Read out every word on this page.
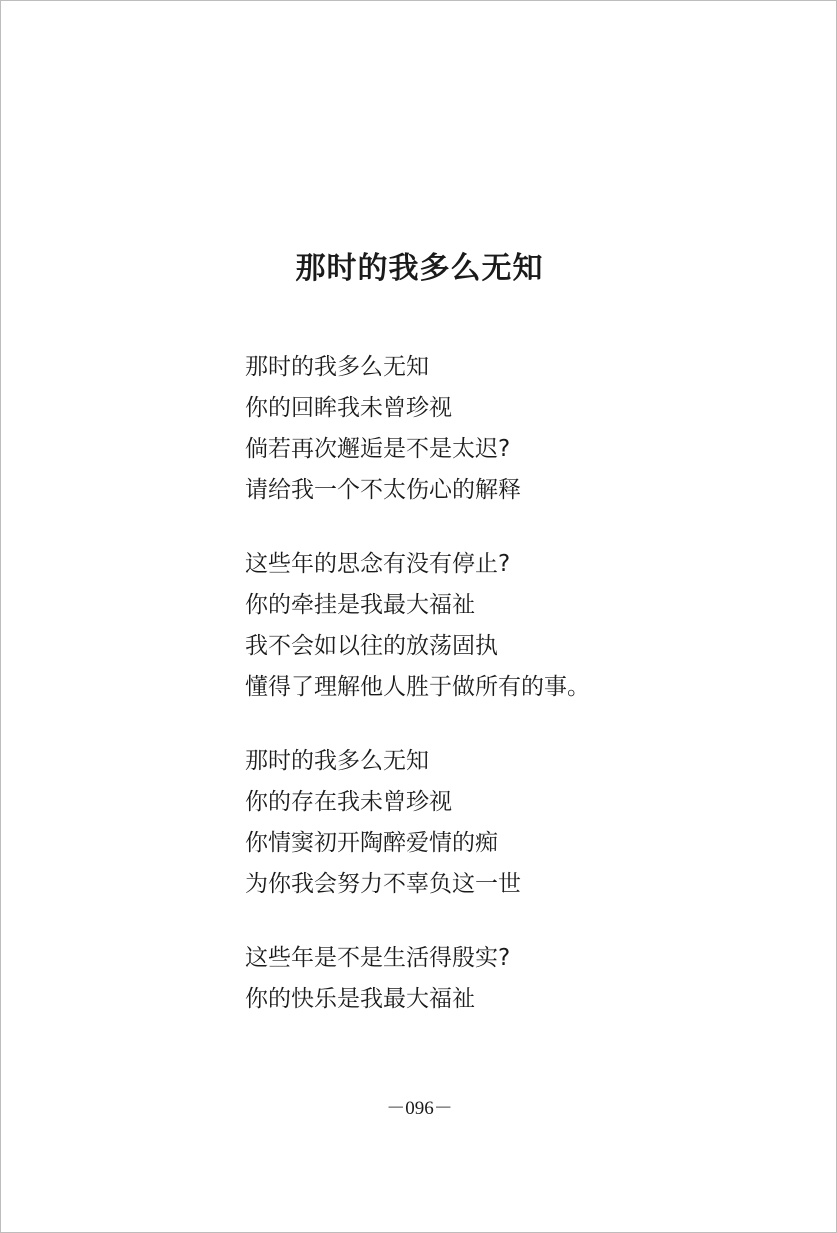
那时的我多么无知
那时的我多么无知
你的回眸我未曾珍视
倘若再次邂逅是不是太迟?
请给我一个不太伤心的解释
这些年的思念有没有停止?
你的牵挂是我最大福祉
我不会如以往的放荡固执
懂得了理解他人胜于做所有的事。
那时的我多么无知
你的存在我未曾珍视
你情窦初开陶醉爱情的痴
为你我会努力不辜负这一世
这些年是不是生活得殷实?
你的快乐是我最大福祉
－096－
